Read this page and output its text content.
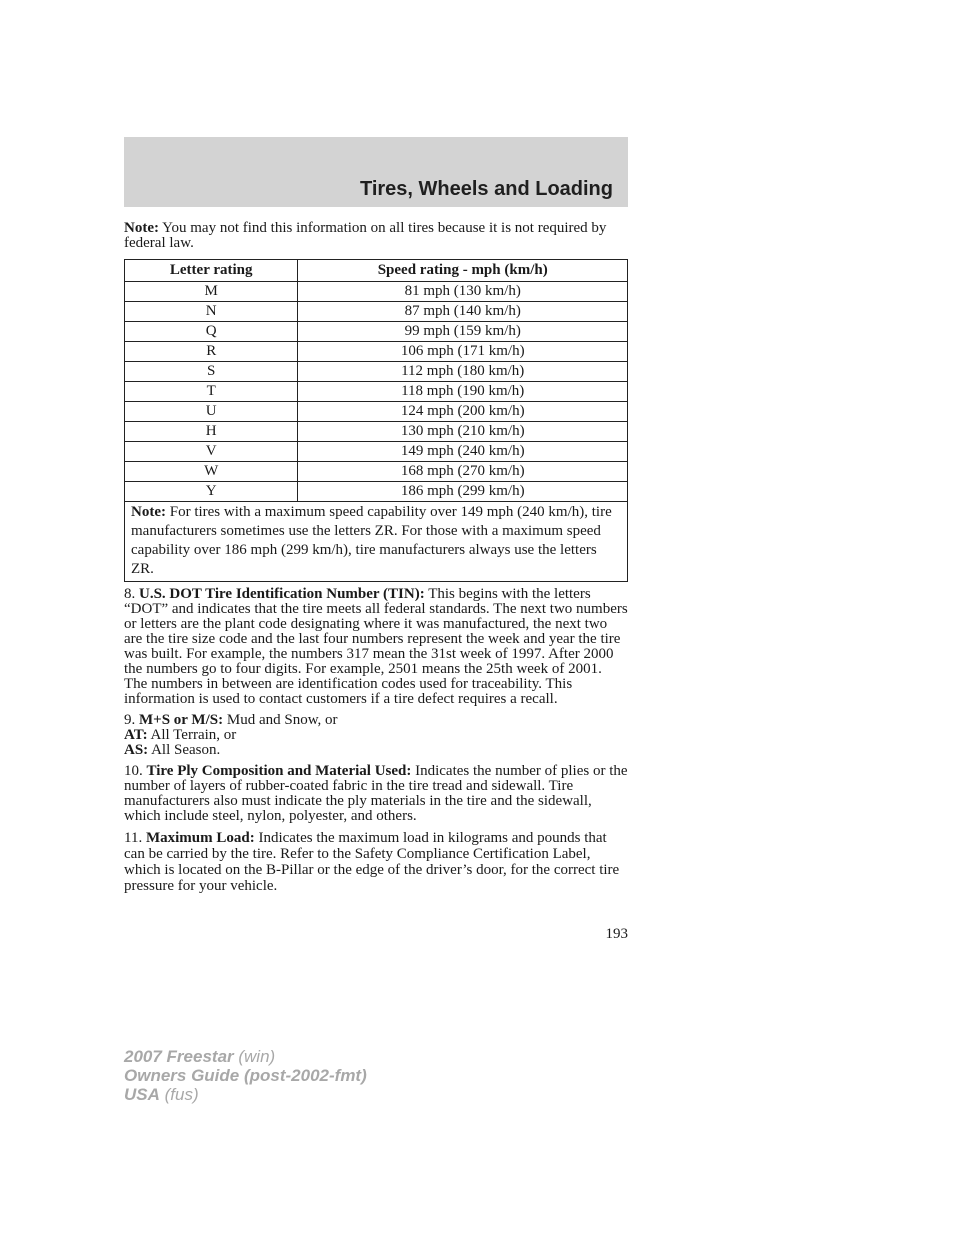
Tires, Wheels and Loading

Note: You may not find this information on all tires because it is not required by federal law.

Letter rating	Speed rating - mph (km/h)
M	81 mph (130 km/h)
N	87 mph (140 km/h)
Q	99 mph (159 km/h)
R	106 mph (171 km/h)
S	112 mph (180 km/h)
T	118 mph (190 km/h)
U	124 mph (200 km/h)
H	130 mph (210 km/h)
V	149 mph (240 km/h)
W	168 mph (270 km/h)
Y	186 mph (299 km/h)
Note: For tires with a maximum speed capability over 149 mph (240 km/h), tire manufacturers sometimes use the letters ZR. For those with a maximum speed capability over 186 mph (299 km/h), tire manufacturers always use the letters ZR.	

8. U.S. DOT Tire Identification Number (TIN): This begins with the letters “DOT” and indicates that the tire meets all federal standards. The next two numbers or letters are the plant code designating where it was manufactured, the next two are the tire size code and the last four numbers represent the week and year the tire was built. For example, the numbers 317 mean the 31st week of 1997. After 2000 the numbers go to four digits. For example, 2501 means the 25th week of 2001. The numbers in between are identification codes used for traceability. This information is used to contact customers if a tire defect requires a recall.

9. M+S or M/S: Mud and Snow, or
AT: All Terrain, or
AS: All Season.

10. Tire Ply Composition and Material Used: Indicates the number of plies or the number of layers of rubber-coated fabric in the tire tread and sidewall. Tire manufacturers also must indicate the ply materials in the tire and the sidewall, which include steel, nylon, polyester, and others.

11. Maximum Load: Indicates the maximum load in kilograms and pounds that can be carried by the tire. Refer to the Safety Compliance Certification Label, which is located on the B-Pillar or the edge of the driver’s door, for the correct tire pressure for your vehicle.

193
2007 Freestar (win)
Owners Guide (post-2002-fmt)
USA (fus)
